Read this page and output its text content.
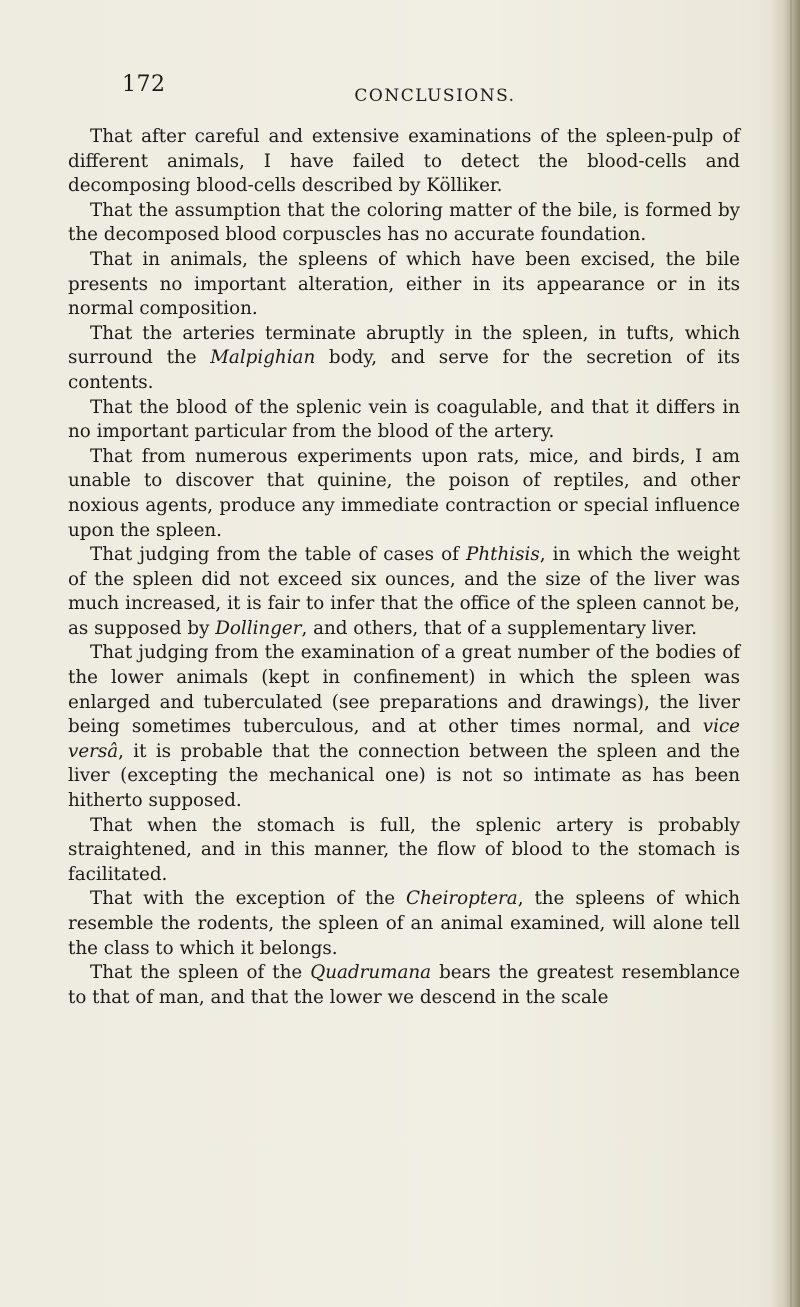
172	CONCLUSIONS.

That after careful and extensive examinations of the spleen-pulp of different animals, I have failed to detect the blood-cells and decomposing blood-cells described by Kölliker.

That the assumption that the coloring matter of the bile, is formed by the decomposed blood corpuscles has no accurate foundation.

That in animals, the spleens of which have been excised, the bile presents no important alteration, either in its appearance or in its normal composition.

That the arteries terminate abruptly in the spleen, in tufts, which surround the Malpighian body, and serve for the secretion of its contents.

That the blood of the splenic vein is coagulable, and that it differs in no important particular from the blood of the artery.

That from numerous experiments upon rats, mice, and birds, I am unable to discover that quinine, the poison of reptiles, and other noxious agents, produce any immediate contraction or special influence upon the spleen.

That judging from the table of cases of Phthisis, in which the weight of the spleen did not exceed six ounces, and the size of the liver was much increased, it is fair to infer that the office of the spleen cannot be, as supposed by Dollinger, and others, that of a supplementary liver.

That judging from the examination of a great number of the bodies of the lower animals (kept in confinement) in which the spleen was enlarged and tuberculated (see preparations and drawings), the liver being sometimes tuberculous, and at other times normal, and vice versâ, it is probable that the connection between the spleen and the liver (excepting the mechanical one) is not so intimate as has been hitherto supposed.

That when the stomach is full, the splenic artery is probably straightened, and in this manner, the flow of blood to the stomach is facilitated.

That with the exception of the Cheiroptera, the spleens of which resemble the rodents, the spleen of an animal examined, will alone tell the class to which it belongs.

That the spleen of the Quadrumana bears the greatest resemblance to that of man, and that the lower we descend in the scale
